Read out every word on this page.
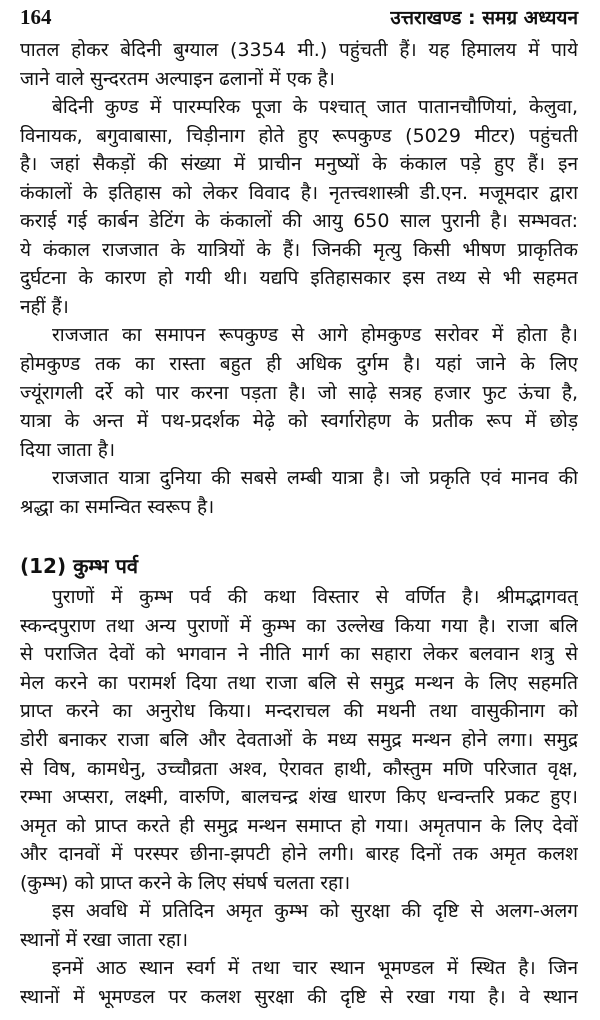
164	उत्तराखण्ड : समग्र अध्ययन
पातल होकर बेदिनी बुग्याल (3354 मी.) पहुंचती हैं। यह हिमालय में पाये
जाने वाले सुन्दरतम अल्पाइन ढलानों में एक है।
बेदिनी कुण्ड में पारम्परिक पूजा के पश्चात् जात पातानचौणियां, केलुवा,
विनायक, बगुवाबासा, चिड़ीनाग होते हुए रूपकुण्ड (5029 मीटर) पहुंचती
है। जहां सैकड़ों की संख्या में प्राचीन मनुष्यों के कंकाल पड़े हुए हैं। इन
कंकालों के इतिहास को लेकर विवाद है। नृतत्त्वशास्त्री डी.एन. मजूमदार द्वारा
कराई गई कार्बन डेटिंग के कंकालों की आयु 650 साल पुरानी है। सम्भवत:
ये कंकाल राजजात के यात्रियों के हैं। जिनकी मृत्यु किसी भीषण प्राकृतिक
दुर्घटना के कारण हो गयी थी। यद्यपि इतिहासकार इस तथ्य से भी सहमत
नहीं हैं।
राजजात का समापन रूपकुण्ड से आगे होमकुण्ड सरोवर में होता है।
होमकुण्ड तक का रास्ता बहुत ही अधिक दुर्गम है। यहां जाने के लिए
ज्यूंरागली दर्रे को पार करना पड़ता है। जो साढ़े सत्रह हजार फुट ऊंचा है,
यात्रा के अन्त में पथ-प्रदर्शक मेढ़े को स्वर्गारोहण के प्रतीक रूप में छोड़
दिया जाता है।
राजजात यात्रा दुनिया की सबसे लम्बी यात्रा है। जो प्रकृति एवं मानव की
श्रद्धा का समन्वित स्वरूप है।
(12) कुम्भ पर्व
पुराणों में कुम्भ पर्व की कथा विस्तार से वर्णित है। श्रीमद्भागवत्
स्कन्दपुराण तथा अन्य पुराणों में कुम्भ का उल्लेख किया गया है। राजा बलि
से पराजित देवों को भगवान ने नीति मार्ग का सहारा लेकर बलवान शत्रु से
मेल करने का परामर्श दिया तथा राजा बलि से समुद्र मन्थन के लिए सहमति
प्राप्त करने का अनुरोध किया। मन्दराचल की मथनी तथा वासुकीनाग को
डोरी बनाकर राजा बलि और देवताओं के मध्य समुद्र मन्थन होने लगा। समुद्र
से विष, कामधेनु, उच्चौव्रता अश्व, ऐरावत हाथी, कौस्तुम मणि परिजात वृक्ष,
रम्भा अप्सरा, लक्ष्मी, वारुणि, बालचन्द्र शंख धारण किए धन्वन्तरि प्रकट हुए।
अमृत को प्राप्त करते ही समुद्र मन्थन समाप्त हो गया। अमृतपान के लिए देवों
और दानवों में परस्पर छीना-झपटी होने लगी। बारह दिनों तक अमृत कलश
(कुम्भ) को प्राप्त करने के लिए संघर्ष चलता रहा।
इस अवधि में प्रतिदिन अमृत कुम्भ को सुरक्षा की दृष्टि से अलग-अलग
स्थानों में रखा जाता रहा।
इनमें आठ स्थान स्वर्ग में तथा चार स्थान भूमण्डल में स्थित है। जिन
स्थानों में भूमण्डल पर कलश सुरक्षा की दृष्टि से रखा गया है। वे स्थान
